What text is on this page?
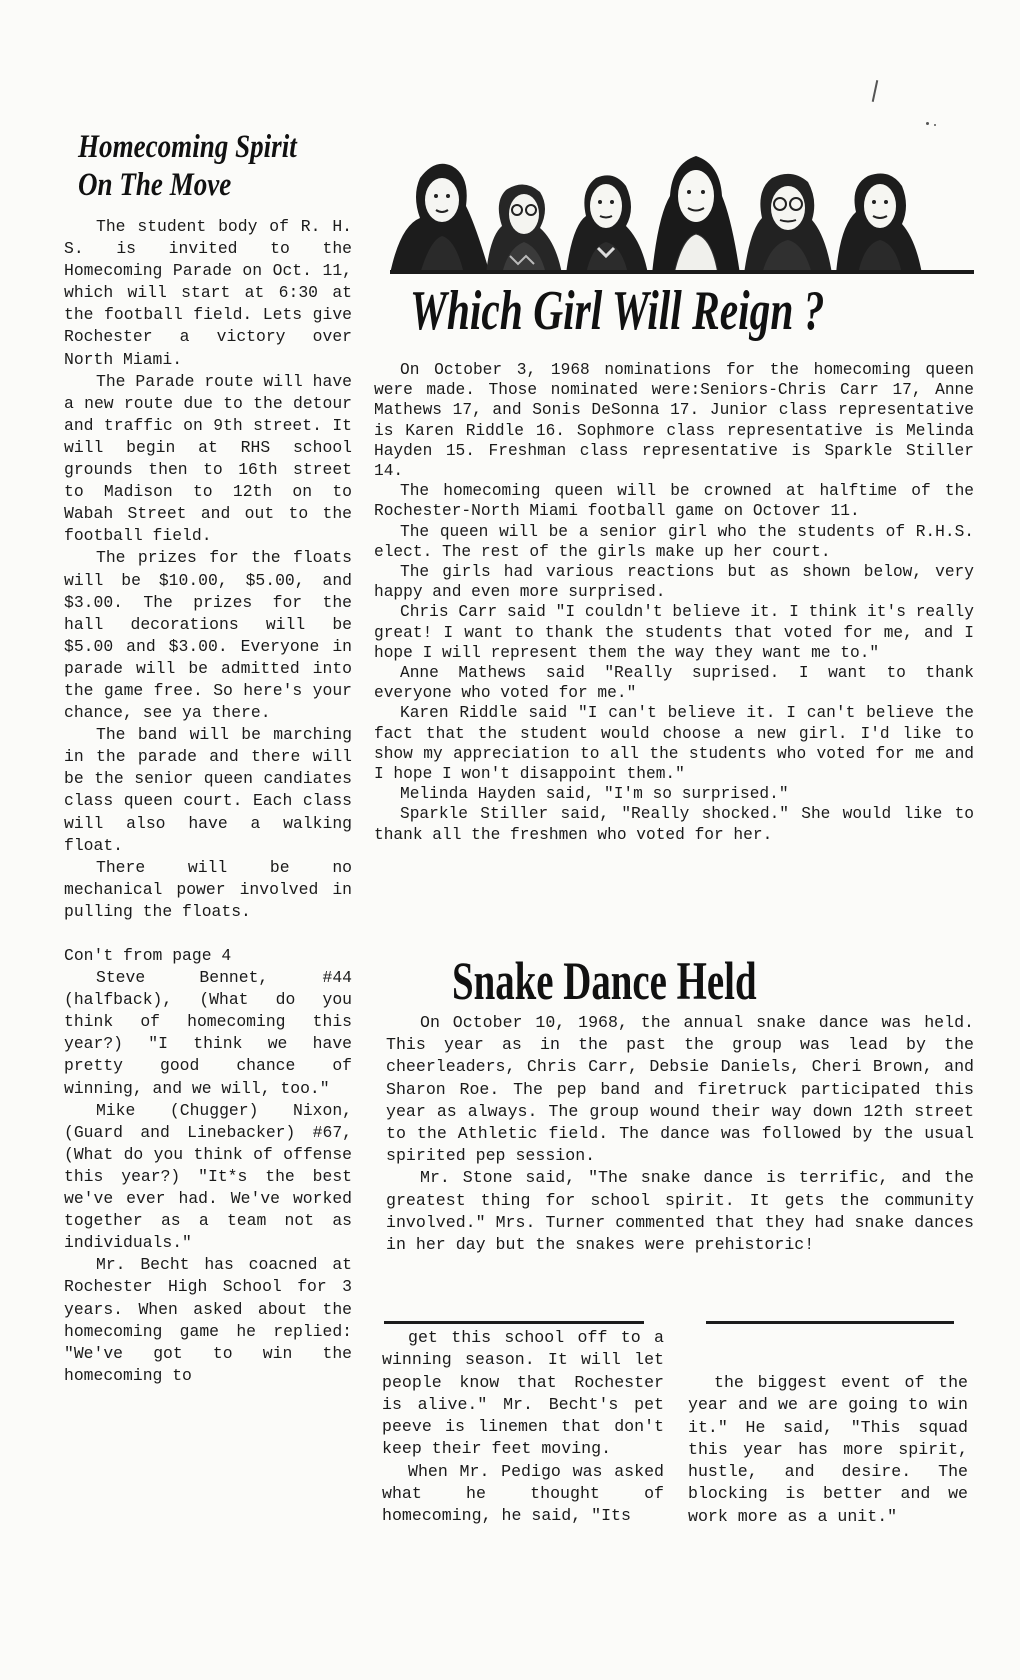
Homecoming Spirit
On The Move

The student body of R. H. S. is invited to the Homecoming Parade on Oct. 11, which will start at 6:30 at the football field. Lets give Rochester a victory over North Miami.

The Parade route will have a new route due to the detour and traffic on 9th street. It will begin at RHS school grounds then to 16th street to Madison to 12th on to Wabah Street and out to the football field.

The prizes for the floats will be $10.00, $5.00, and $3.00. The prizes for the hall decorations will be $5.00 and $3.00. Everyone in parade will be admitted into the game free. So here's your chance, see ya there.

The band will be marching in the parade and there will be the senior queen candiates class queen court. Each class will also have a walking float.

There will be no mechanical power involved in pulling the floats.

Con't from page 4

Steve Bennet, #44 (halfback), (What do you think of homecoming this year?) "I think we have pretty good chance of winning, and we will, too."

Mike (Chugger) Nixon, (Guard and Linebacker) #67, (What do you think of offense this year?) "It*s the best we've ever had. We've worked together as a team not as individuals."

Mr. Becht has coacned at Rochester High School for 3 years. When asked about the homecoming game he replied: "We've got to win the homecoming to

Which Girl Will Reign ?

On October 3, 1968 nominations for the homecoming queen were made. Those nominated were:Seniors-Chris Carr 17, Anne Mathews 17, and Sonis DeSonna 17. Junior class representative is Karen Riddle 16. Sophmore class representative is Melinda Hayden 15. Freshman class representative is Sparkle Stiller 14.

The homecoming queen will be crowned at halftime of the Rochester-North Miami football game on Octover 11.

The queen will be a senior girl who the students of R.H.S. elect. The rest of the girls make up her court.

The girls had various reactions but as shown below, very happy and even more surprised.

Chris Carr said "I couldn't believe it. I think it's really great! I want to thank the students that voted for me, and I hope I will represent them the way they want me to."

Anne Mathews said "Really suprised. I want to thank everyone who voted for me."

Karen Riddle said "I can't believe it. I can't believe the fact that the student would choose a new girl. I'd like to show my appreciation to all the students who voted for me and I hope I won't disappoint them."

Melinda Hayden said, "I'm so surprised."

Sparkle Stiller said, "Really shocked." She would like to thank all the freshmen who voted for her.

Snake Dance Held

On October 10, 1968, the annual snake dance was held. This year as in the past the group was lead by the cheerleaders, Chris Carr, Debsie Daniels, Cheri Brown, and Sharon Roe. The pep band and firetruck participated this year as always. The group wound their way down 12th street to the Athletic field. The dance was followed by the usual spirited pep session.

Mr. Stone said, "The snake dance is terrific, and the greatest thing for school spirit. It gets the community involved." Mrs. Turner commented that they had snake dances in her day but the snakes were prehistoric!

get this school off to a winning season. It will let people know that Rochester is alive." Mr. Becht's pet peeve is linemen that don't keep their feet moving.

When Mr. Pedigo was asked what he thought of homecoming, he said, "Its

the biggest event of the year and we are going to win it." He said, "This squad this year has more spirit, hustle, and desire. The blocking is better and we work more as a unit."
